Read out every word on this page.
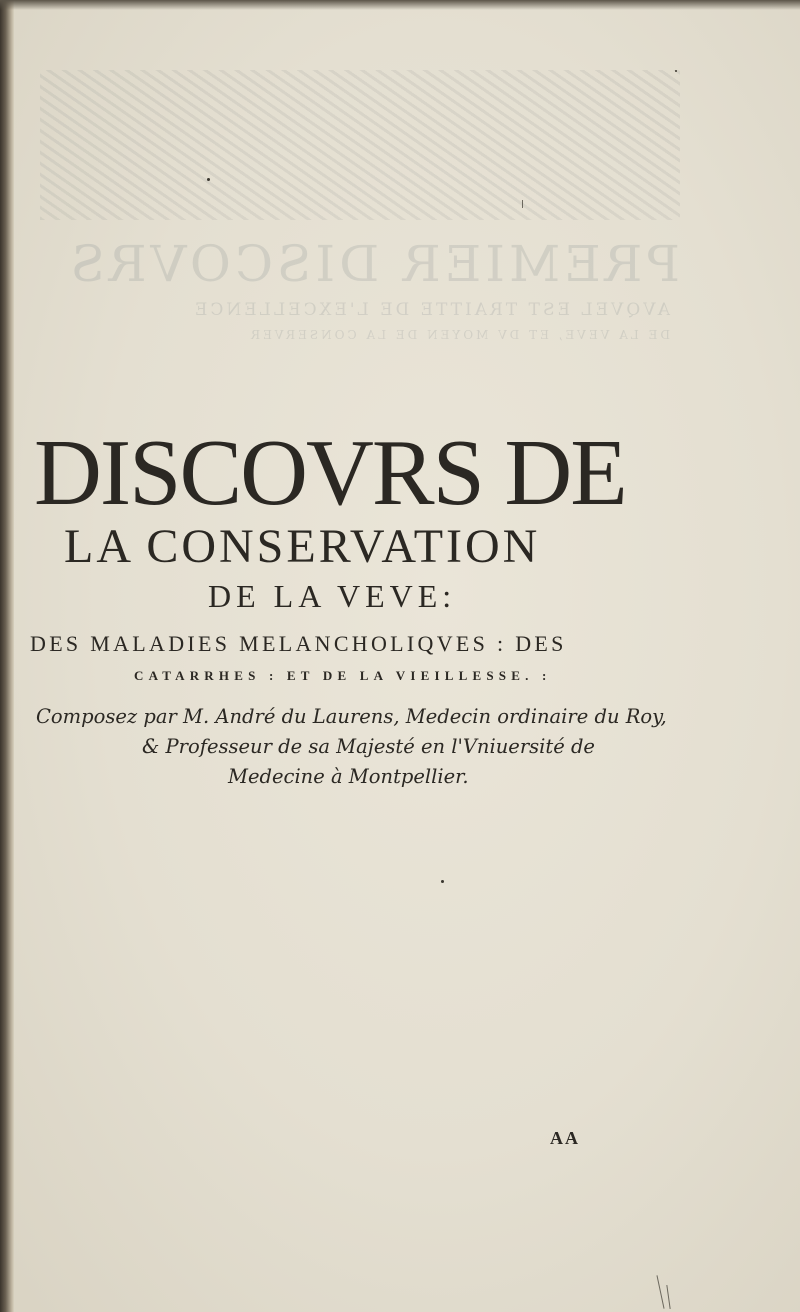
PREMIER DISCOVRS
AVQVEL EST TRAITTE DE L'EXCELLENCE
DE LA VEVE, ET DV MOYEN DE LA CONSERVER
DISCOVRS DE
LA CONSERVATION
DE LA VEVE:
DES MALADIES MELANCHOLIQVES : DES
CATARRHES : ET DE LA VIEILLESSE. :
Composez par M. André du Laurens, Medecin ordinaire du Roy,
& Professeur de sa Majesté en l'Vniuersité de
Medecine à Montpellier.
AA
